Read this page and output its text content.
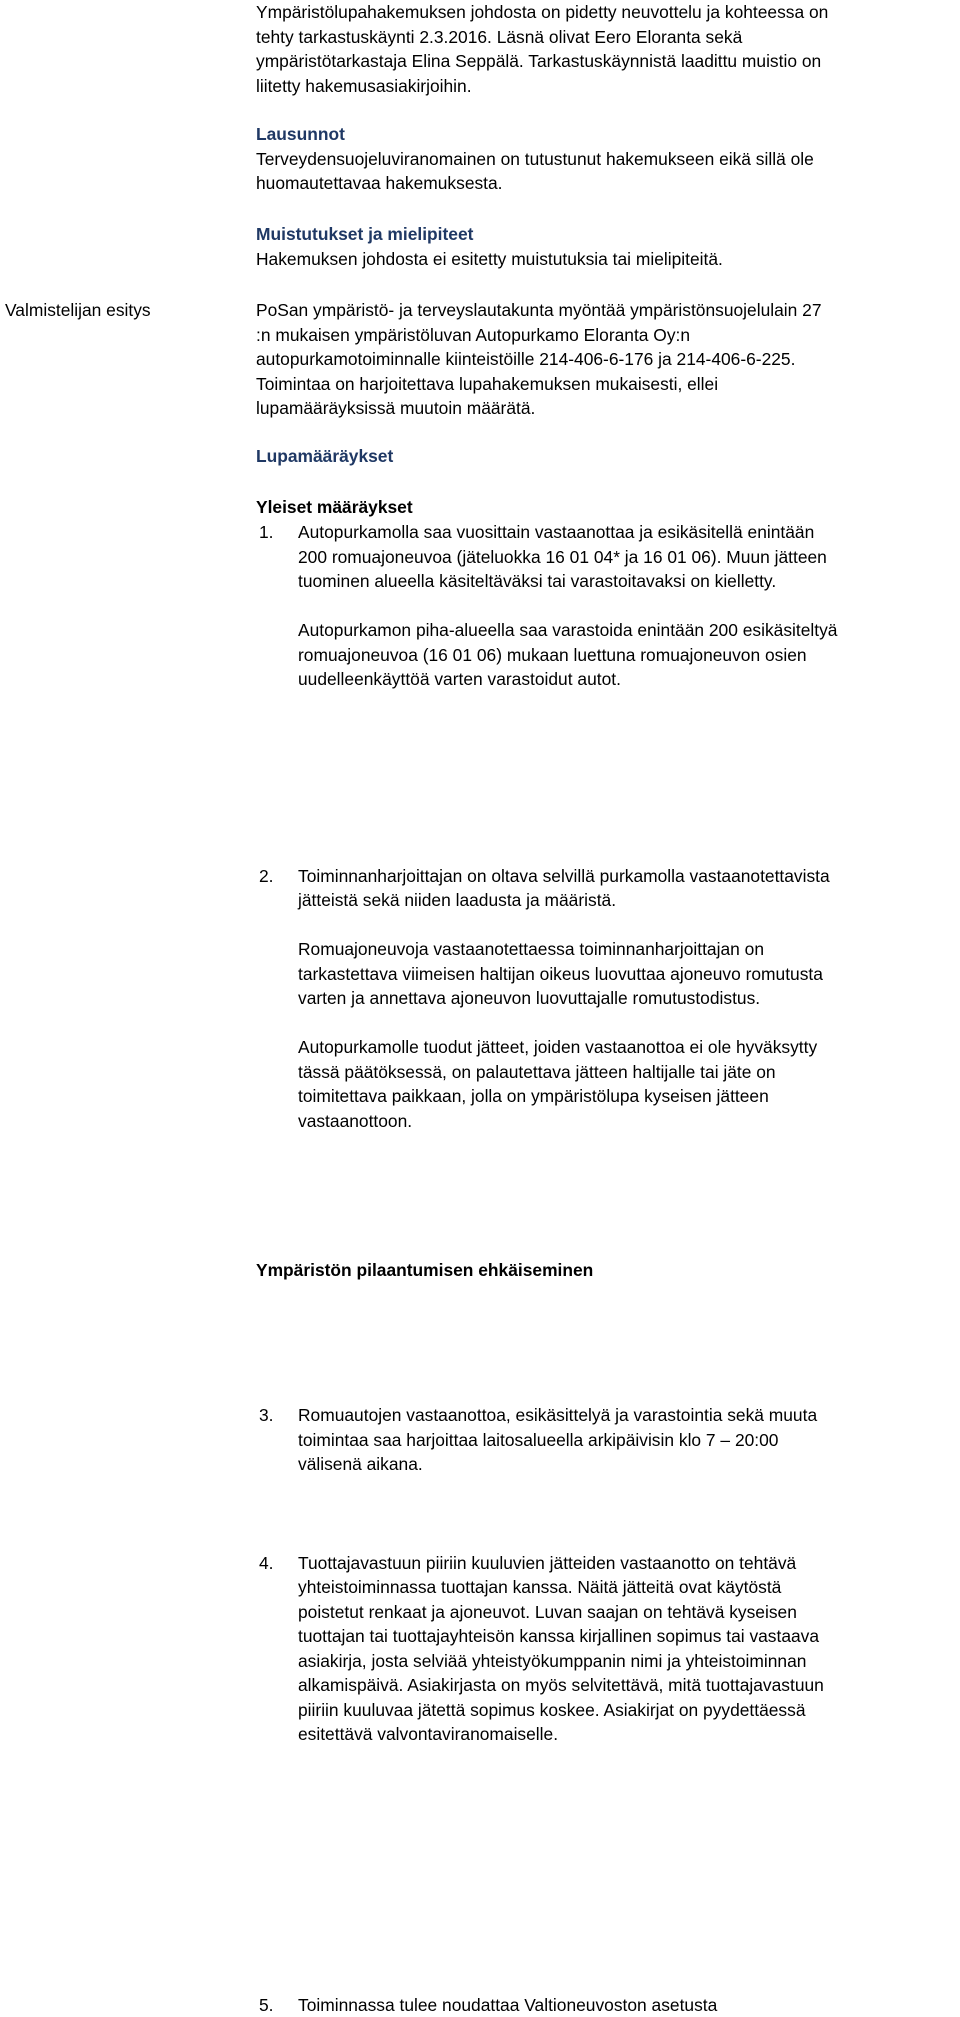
Ympäristölupahakemuksen johdosta on pidetty neuvottelu ja kohteessa on
tehty tarkastuskäynti 2.3.2016. Läsnä olivat Eero Eloranta sekä
ympäristötarkastaja Elina Seppälä. Tarkastuskäynnistä laadittu muistio on
liitetty hakemusasiakirjoihin.

Lausunnot

Terveydensuojeluviranomainen on tutustunut hakemukseen eikä sillä ole
huomautettavaa hakemuksesta.

Muistutukset ja mielipiteet

Hakemuksen johdosta ei esitetty muistutuksia tai mielipiteitä.

Valmistelijan esitys	PoSan ympäristö- ja terveyslautakunta myöntää ympäristönsuojelulain 27
:n mukaisen ympäristöluvan Autopurkamo Eloranta Oy:n
autopurkamotoiminnalle kiinteistöille 214-406-6-176 ja 214-406-6-225.
Toimintaa on harjoitettava lupahakemuksen mukaisesti, ellei
lupamääräyksissä muutoin määrätä.

Lupamääräykset

Yleiset määräykset

1. Autopurkamolla saa vuosittain vastaanottaa ja esikäsitellä enintään
200 romuajoneuvoa (jäteluokka 16 01 04* ja 16 01 06). Muun jätteen
tuominen alueella käsiteltäväksi tai varastoitavaksi on kielletty.

Autopurkamon piha-alueella saa varastoida enintään 200 esikäsiteltyä
romuajoneuvoa (16 01 06) mukaan luettuna romuajoneuvon osien
uudelleenkäyttöä varten varastoidut autot.

2. Toiminnanharjoittajan on oltava selvillä purkamolla vastaanotettavista
jätteistä sekä niiden laadusta ja määristä.

Romuajoneuvoja vastaanotettaessa toiminnanharjoittajan on
tarkastettava viimeisen haltijan oikeus luovuttaa ajoneuvo romutusta
varten ja annettava ajoneuvon luovuttajalle romutustodistus.

Autopurkamolle tuodut jätteet, joiden vastaanottoa ei ole hyväksytty
tässä päätöksessä, on palautettava jätteen haltijalle tai jäte on
toimitettava paikkaan, jolla on ympäristölupa kyseisen jätteen
vastaanottoon.

3. Romuautojen vastaanottoa, esikäsittelyä ja varastointia sekä muuta
toimintaa saa harjoittaa laitosalueella arkipäivisin klo 7 – 20:00
välisenä aikana.

4. Tuottajavastuun piiriin kuuluvien jätteiden vastaanotto on tehtävä
yhteistoiminnassa tuottajan kanssa. Näitä jätteitä ovat käytöstä
poistetut renkaat ja ajoneuvot. Luvan saajan on tehtävä kyseisen
tuottajan tai tuottajayhteisön kanssa kirjallinen sopimus tai vastaava
asiakirja, josta selviää yhteistyökumppanin nimi ja yhteistoiminnan
alkamispäivä. Asiakirjasta on myös selvitettävä, mitä tuottajavastuun
piiriin kuuluvaa jätettä sopimus koskee. Asiakirjat on pyydettäessä
esitettävä valvontaviranomaiselle.

Ympäristön pilaantumisen ehkäiseminen

5. Toiminnassa tulee noudattaa Valtioneuvoston asetusta
